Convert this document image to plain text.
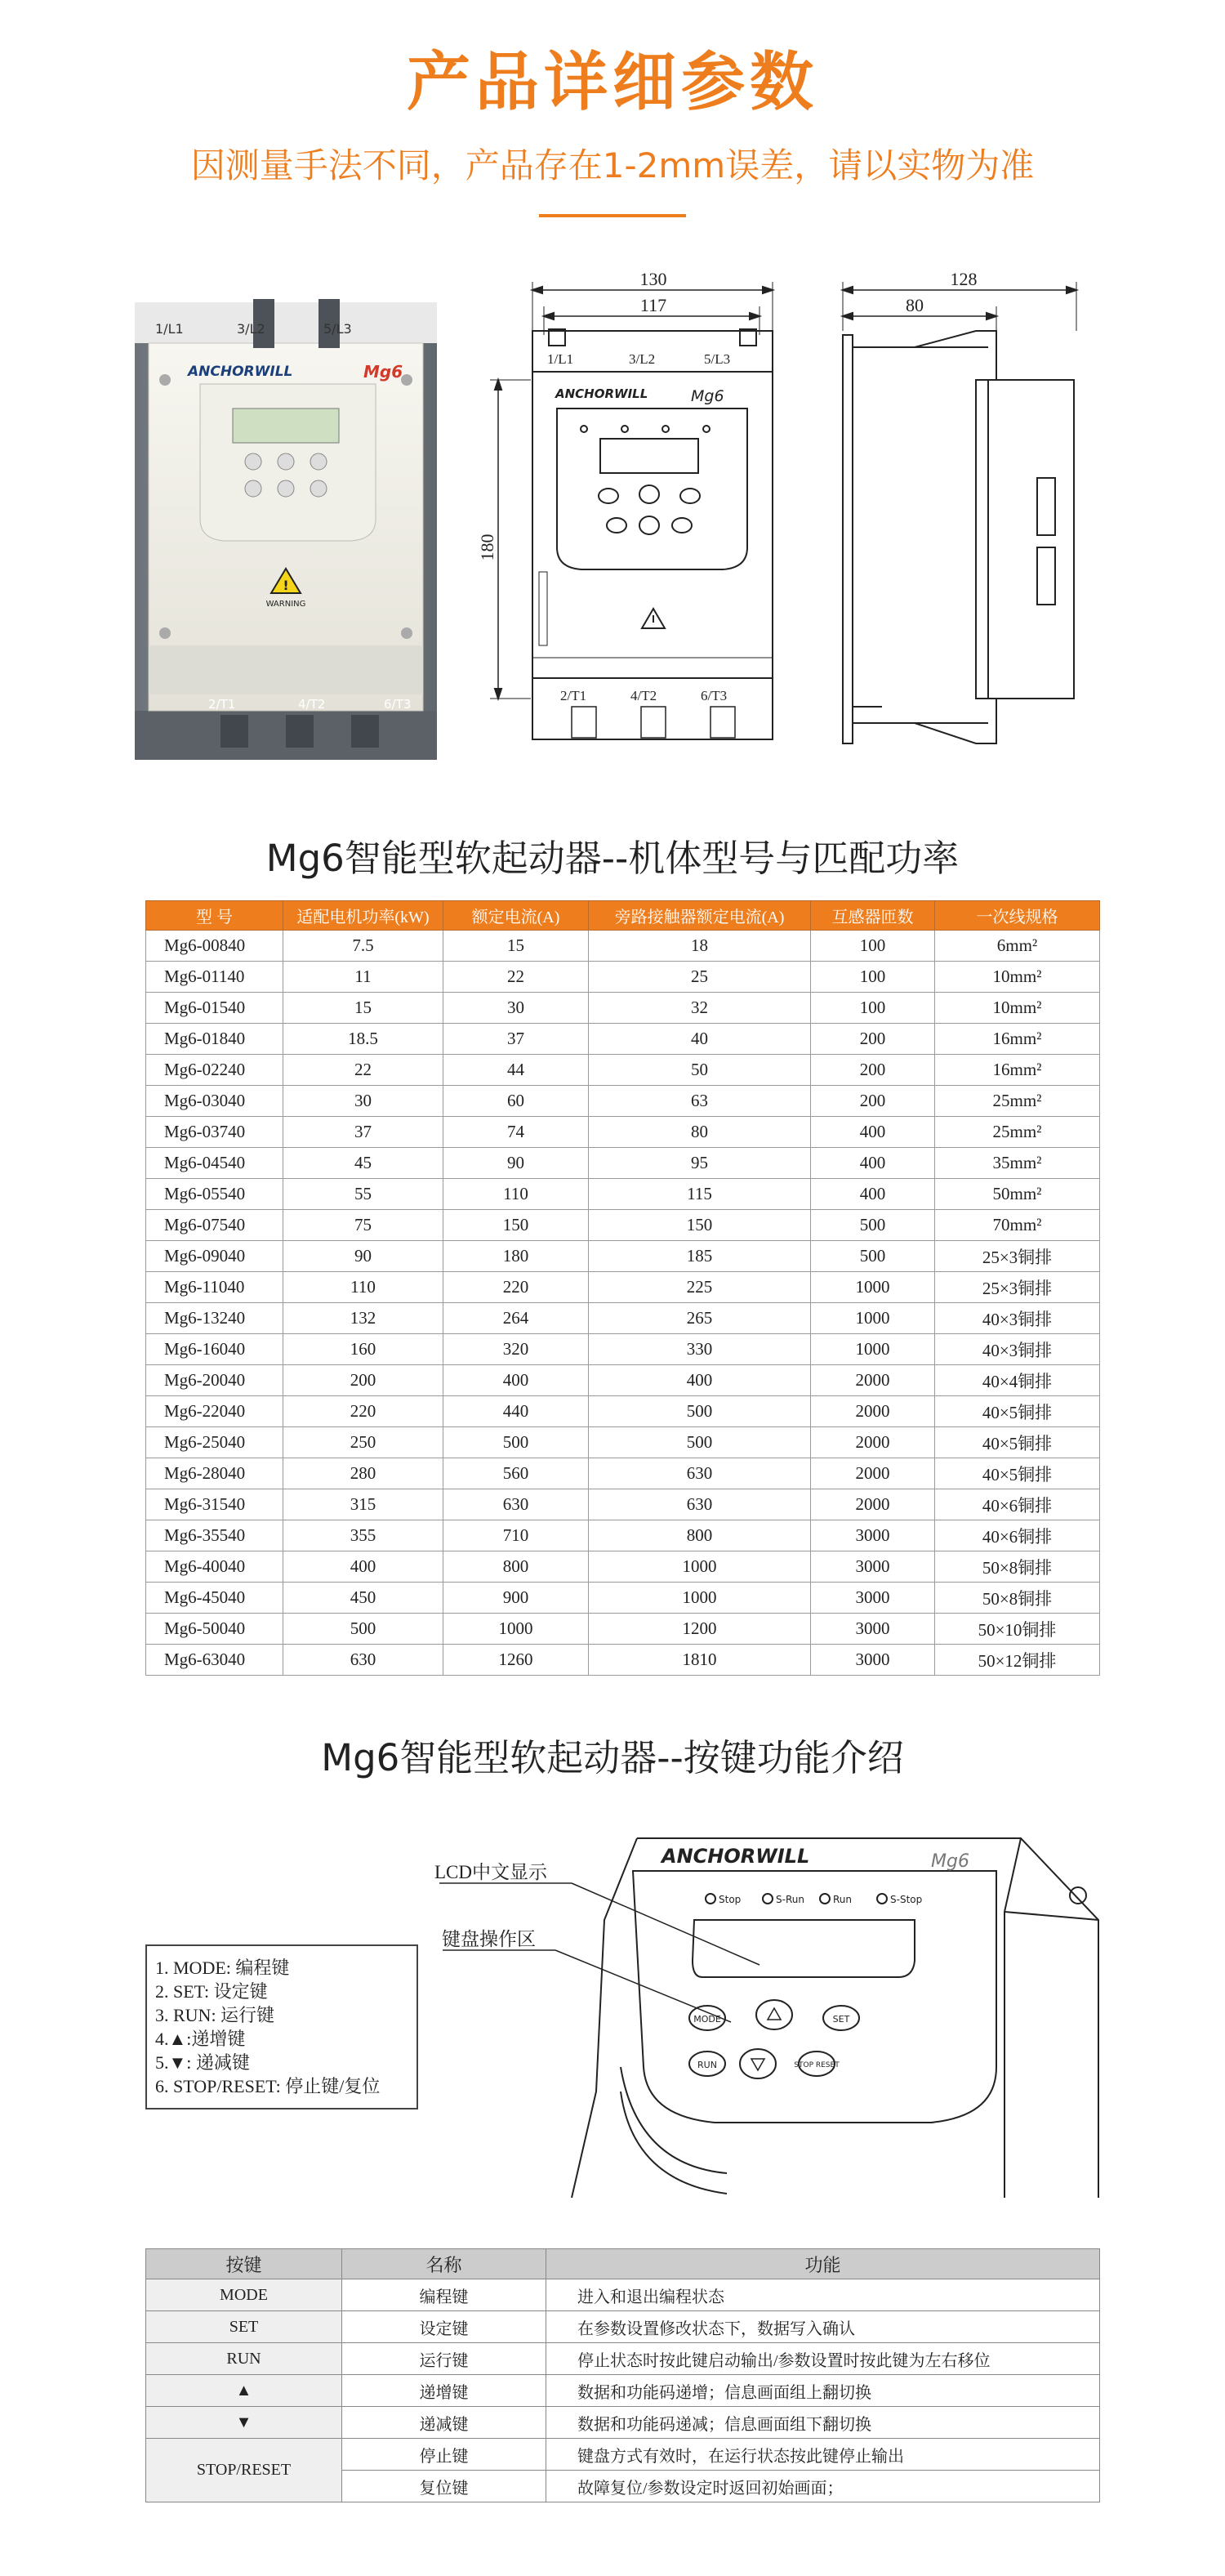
产品详细参数
因测量手法不同，产品存在1-2mm误差，请以实物为准
1/L1	3/L2	5/L3
ANCHORWILL	Mg6
!
WARNING
2/T1	4/T2	6/T3
130
117
180
1/L1	3/L2	5/L3
ANCHORWILL	Mg6
2/T1	4/T2	6/T3
128
80
Mg6智能型软起动器--机体型号与匹配功率
型 号	适配电机功率(kW)	额定电流(A)	旁路接触器额定电流(A)	互感器匝数	一次线规格
Mg6-00840	7.5	15	18	100	6mm²
Mg6-01140	11	22	25	100	10mm²
Mg6-01540	15	30	32	100	10mm²
Mg6-01840	18.5	37	40	200	16mm²
Mg6-02240	22	44	50	200	16mm²
Mg6-03040	30	60	63	200	25mm²
Mg6-03740	37	74	80	400	25mm²
Mg6-04540	45	90	95	400	35mm²
Mg6-05540	55	110	115	400	50mm²
Mg6-07540	75	150	150	500	70mm²
Mg6-09040	90	180	185	500	25×3铜排
Mg6-11040	110	220	225	1000	25×3铜排
Mg6-13240	132	264	265	1000	40×3铜排
Mg6-16040	160	320	330	1000	40×3铜排
Mg6-20040	200	400	400	2000	40×4铜排
Mg6-22040	220	440	500	2000	40×5铜排
Mg6-25040	250	500	500	2000	40×5铜排
Mg6-28040	280	560	630	2000	40×5铜排
Mg6-31540	315	630	630	2000	40×6铜排
Mg6-35540	355	710	800	3000	40×6铜排
Mg6-40040	400	800	1000	3000	50×8铜排
Mg6-45040	450	900	1000	3000	50×8铜排
Mg6-50040	500	1000	1200	3000	50×10铜排
Mg6-63040	630	1260	1810	3000	50×12铜排
Mg6智能型软起动器--按键功能介绍
1. MODE: 编程键
2. SET: 设定键
3. RUN: 运行键
4.▲:递增键
5.▼: 递减键
6. STOP/RESET: 停止键/复位
LCD中文显示
键盘操作区
ANCHORWILL	Mg6
Stop	S-Run	Run	S-Stop
MODE	SET
RUN	STOP RESET
按键	名称	功能
MODE	编程键	进入和退出编程状态
SET	设定键	在参数设置修改状态下，数据写入确认
RUN	运行键	停止状态时按此键启动输出/参数设置时按此键为左右移位
▲	递增键	数据和功能码递增；信息画面组上翻切换
▼	递减键	数据和功能码递减；信息画面组下翻切换
STOP/RESET	停止键	键盘方式有效时，在运行状态按此键停止输出
	复位键	故障复位/参数设定时返回初始画面；
